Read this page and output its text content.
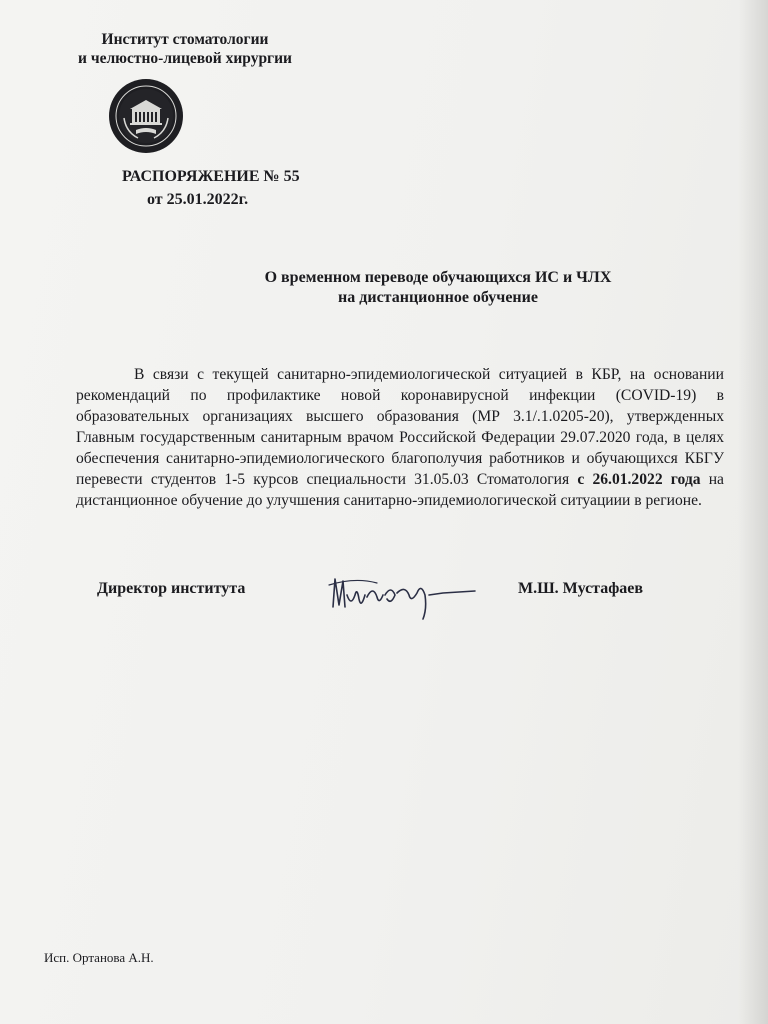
Институт стоматологии
и челюстно-лицевой хирургии
РАСПОРЯЖЕНИЕ № 55
от 25.01.2022г.
О временном переводе обучающихся ИС и ЧЛХ
на дистанционное обучение

В связи с текущей санитарно-эпидемиологической ситуацией в КБР, на основании рекомендаций по профилактике новой коронавирусной инфекции (COVID-19) в образовательных организациях высшего образования (МР 3.1/.1.0205-20), утвержденных Главным государственным санитарным врачом Российской Федерации 29.07.2020 года, в целях обеспечения санитарно-эпидемиологического благополучия работников и обучающихся КБГУ перевести студентов 1-5 курсов специальности 31.05.03 Стоматология с 26.01.2022 года на дистанционное обучение до улучшения санитарно-эпидемиологической ситуациии в регионе.

Директор института	М.Ш. Мустафаев
Исп. Ортанова А.Н.
